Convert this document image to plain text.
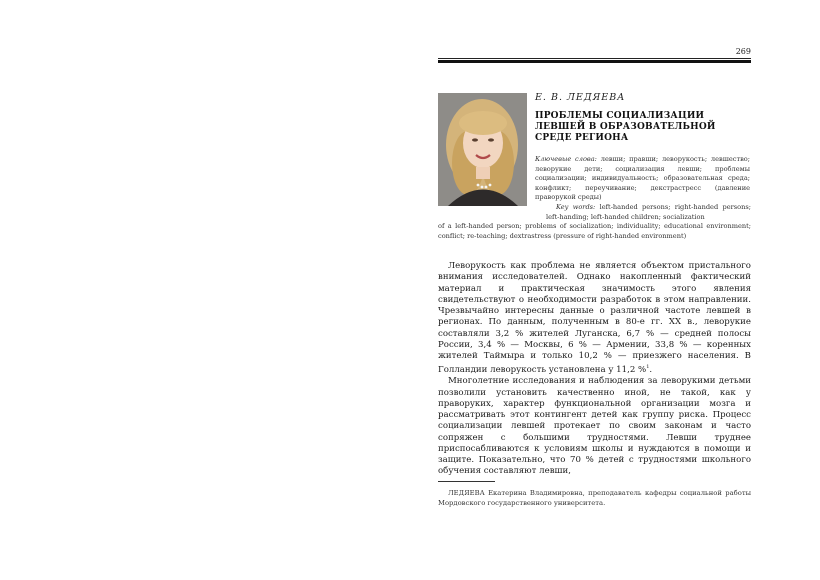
269
Е. В. ЛЕДЯЕВА
ПРОБЛЕМЫ СОЦИАЛИЗАЦИИ ЛЕВШЕЙ В ОБРАЗОВАТЕЛЬНОЙ СРЕДЕ РЕГИОНА
Ключевые слова: левши; правши; леворукость; левшество; леворукие дети; социализация левши; проблемы социализации; индивидуальность; образовательная среда; конфликт; переучивание; декстрастресс (давление праворукой среды)
Key words: left-handed persons; right-handed persons; left-handing; left-handed children; socialization
of a left-handed person; problems of socialization; individuality; educational environment; conflict; re-teaching; dextrastress (pressure of right-handed environment)

Леворукость как проблема не является объектом пристального внимания исследователей. Однако накопленный фактический материал и практическая значимость этого явления свидетельствуют о необходимости разработок в этом направлении. Чрезвычайно интересны данные о различной частоте левшей в регионах. По данным, полученным в 80-е гг. XX в., леворукие составляли 3,2 % жителей Луганска, 6,7 % — средней полосы России, 3,4 % — Москвы, 6 % — Армении, 33,8 % — коренных жителей Таймыра и только 10,2 % — приезжего населения. В Голландии леворукость установлена у 11,2 %$^1$.

Многолетние исследования и наблюдения за леворукими детьми позволили установить качественно иной, не такой, как у праворуких, характер функциональной организации мозга и рассматривать этот контингент детей как группу риска. Процесс социализации левшей протекает по своим законам и часто сопряжен с большими трудностями. Левши труднее приспосабливаются к условиям школы и нуждаются в помощи и защите. Показательно, что 70 % детей с трудностями школьного обучения составляют левши,

ЛЕДЯЕВА Екатерина Владимировна, преподаватель кафедры социальной работы Мордовского государственного университета.
